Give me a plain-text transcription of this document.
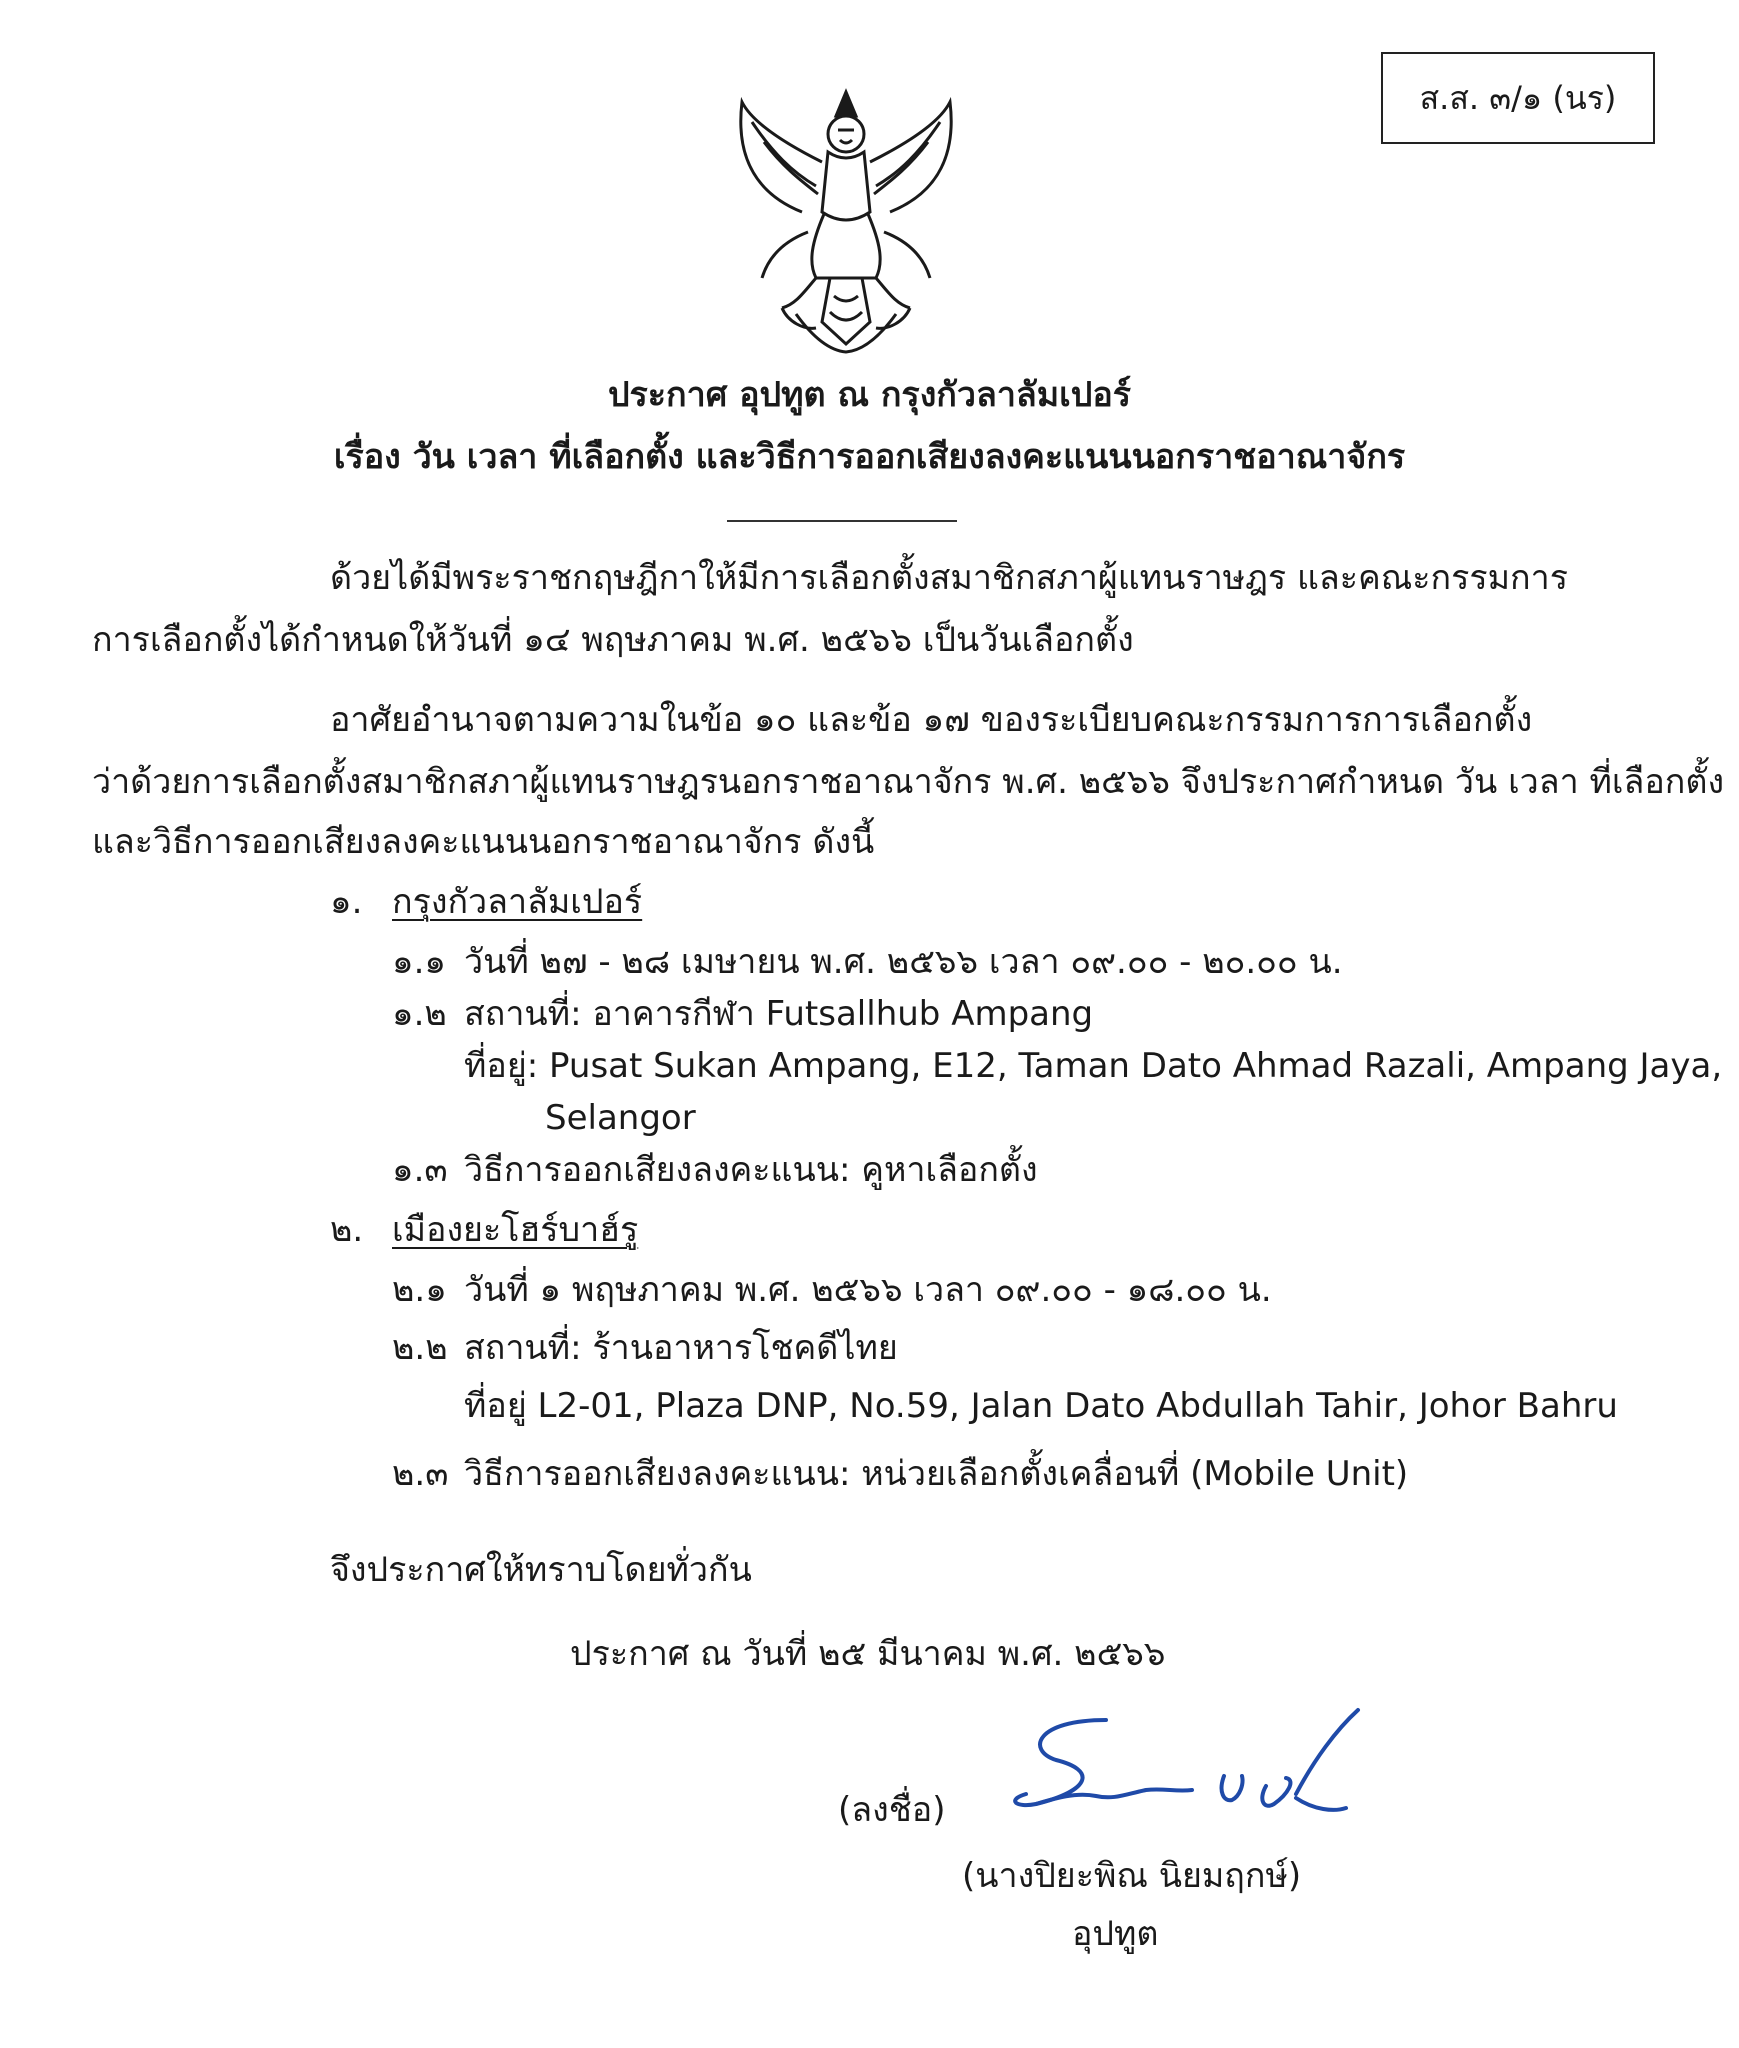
ส.ส. ๓/๑ (นร)
ประกาศ อุปทูต ณ กรุงกัวลาลัมเปอร์
เรื่อง วัน เวลา ที่เลือกตั้ง และวิธีการออกเสียงลงคะแนนนอกราชอาณาจักร
ด้วยได้มีพระราชกฤษฎีกาให้มีการเลือกตั้งสมาชิกสภาผู้แทนราษฎร และคณะกรรมการ
การเลือกตั้งได้กำหนดให้วันที่ ๑๔ พฤษภาคม พ.ศ. ๒๕๖๖ เป็นวันเลือกตั้ง
อาศัยอำนาจตามความในข้อ ๑๐ และข้อ ๑๗ ของระเบียบคณะกรรมการการเลือกตั้ง
ว่าด้วยการเลือกตั้งสมาชิกสภาผู้แทนราษฎรนอกราชอาณาจักร พ.ศ. ๒๕๖๖ จึงประกาศกำหนด วัน เวลา ที่เลือกตั้ง
และวิธีการออกเสียงลงคะแนนนอกราชอาณาจักร ดังนี้
๑. กรุงกัวลาลัมเปอร์
๑.๑ วันที่ ๒๗ - ๒๘ เมษายน พ.ศ. ๒๕๖๖ เวลา ๐๙.๐๐ - ๒๐.๐๐ น.
๑.๒ สถานที่: อาคารกีฬา Futsallhub Ampang
ที่อยู่: Pusat Sukan Ampang, E12, Taman Dato Ahmad Razali, Ampang Jaya,
Selangor
๑.๓ วิธีการออกเสียงลงคะแนน: คูหาเลือกตั้ง
๒. เมืองยะโฮร์บาฮ์รู
๒.๑ วันที่ ๑ พฤษภาคม พ.ศ. ๒๕๖๖ เวลา ๐๙.๐๐ - ๑๘.๐๐ น.
๒.๒ สถานที่: ร้านอาหารโชคดีไทย
ที่อยู่ L2-01, Plaza DNP, No.59, Jalan Dato Abdullah Tahir, Johor Bahru
๒.๓ วิธีการออกเสียงลงคะแนน: หน่วยเลือกตั้งเคลื่อนที่ (Mobile Unit)
จึงประกาศให้ทราบโดยทั่วกัน
ประกาศ ณ วันที่ ๒๕ มีนาคม พ.ศ. ๒๕๖๖
(ลงชื่อ)
(นางปิยะพิณ นิยมฤกษ์)
อุปทูต
